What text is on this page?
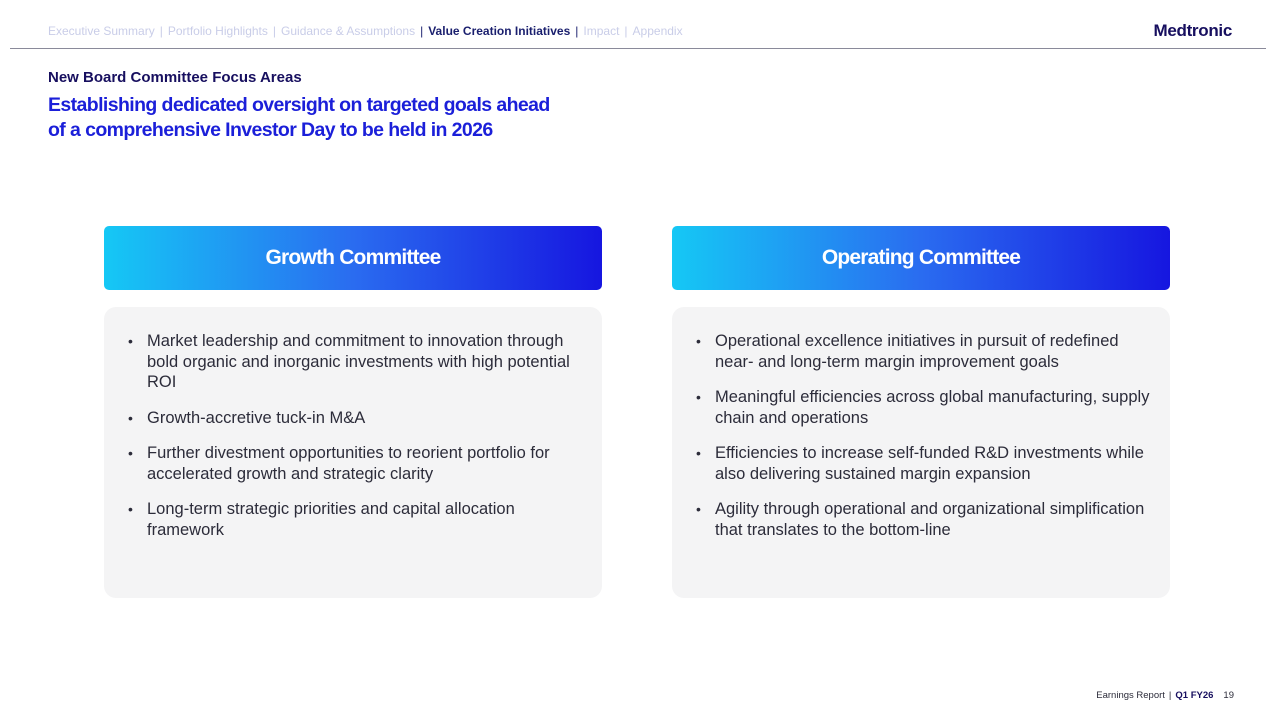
Executive Summary | Portfolio Highlights | Guidance & Assumptions | Value Creation Initiatives | Impact | Appendix	Medtronic
New Board Committee Focus Areas
Establishing dedicated oversight on targeted goals ahead of a comprehensive Investor Day to be held in 2026
Growth Committee
• Market leadership and commitment to innovation through bold organic and inorganic investments with high potential ROI
• Growth-accretive tuck-in M&A
• Further divestment opportunities to reorient portfolio for accelerated growth and strategic clarity
• Long-term strategic priorities and capital allocation framework
Operating Committee
• Operational excellence initiatives in pursuit of redefined near- and long-term margin improvement goals
• Meaningful efficiencies across global manufacturing, supply chain and operations
• Efficiencies to increase self-funded R&D investments while also delivering sustained margin expansion
• Agility through operational and organizational simplification that translates to the bottom-line
Earnings Report | Q1 FY26 19
